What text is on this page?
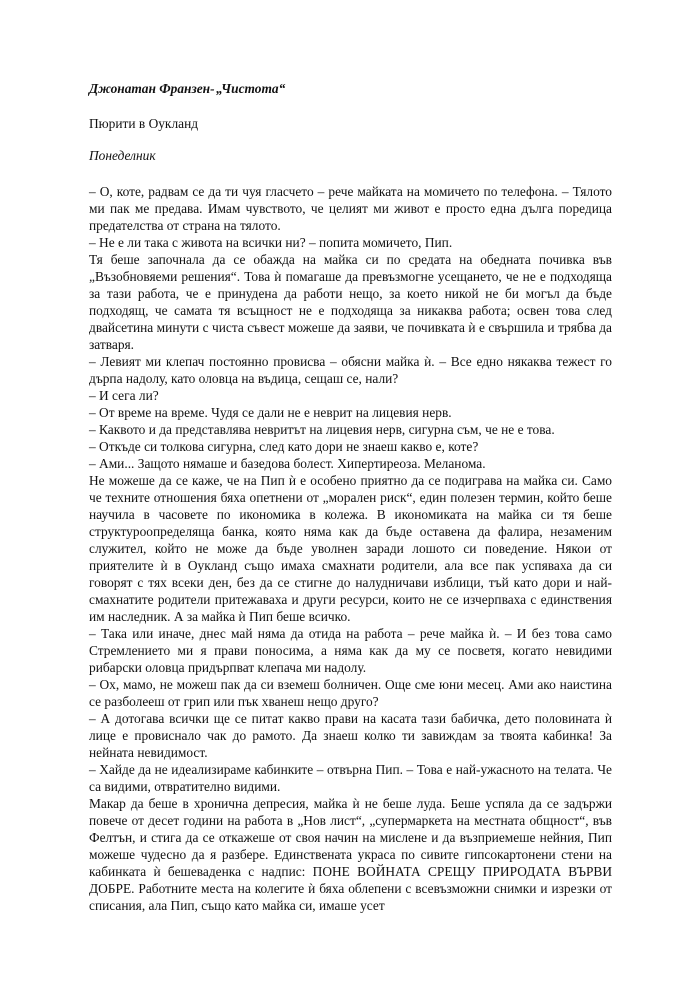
Джонатан Франзен-„Чистота“
Пюрити в Оукланд
Понеделник

– О, коте, радвам се да ти чуя гласчето – рече майката на момичето по телефона. – Тялото ми пак ме предава. Имам чувството, че целият ми живот е просто една дълга поредица предателства от страна на тялото.

– Не е ли така с живота на всички ни? – попита момичето, Пип.

Тя беше започнала да се обажда на майка си по средата на обедната почивка във „Възобновяеми решения“. Това ѝ помагаше да превъзмогне усещането, че не е подходяща за тази работа, че е принудена да работи нещо, за което никой не би могъл да бъде подходящ, че самата тя всъщност не е подходяща за никаква работа; освен това след двайсетина минути с чиста съвест можеше да заяви, че почивката ѝ е свършила и трябва да затваря.

– Левият ми клепач постоянно провисва – обясни майка ѝ. – Все едно някаква тежест го дърпа надолу, като оловца на въдица, сещаш се, нали?

– И сега ли?

– От време на време. Чудя се дали не е неврит на лицевия нерв.

– Каквото и да представлява невритът на лицевия нерв, сигурна съм, че не е това.

– Откъде си толкова сигурна, след като дори не знаеш какво е, коте?

– Ами... Защото нямаше и базедова болест. Хипертиреоза. Меланома.

Не можеше да се каже, че на Пип ѝ е особено приятно да се подиграва на майка си. Само че техните отношения бяха опетнени от „морален риск“, един полезен термин, който беше научила в часовете по икономика в колежа. В икономиката на майка си тя беше структуроопределяща банка, която няма как да бъде оставена да фалира, незаменим служител, който не може да бъде уволнен заради лошото си поведение. Някои от приятелите ѝ в Оукланд също имаха смахнати родители, ала все пак успяваха да си говорят с тях всеки ден, без да се стигне до налудничави изблици, тъй като дори и най-смахнатите родители притежаваха и други ресурси, които не се изчерпваха с единствения им наследник. А за майка ѝ Пип беше всичко.

– Така или иначе, днес май няма да отида на работа – рече майка ѝ. – И без това само Стремлението ми я прави поносима, а няма как да му се посветя, когато невидими рибарски оловца придърпват клепача ми надолу.

– Ох, мамо, не можеш пак да си вземеш болничен. Още сме юни месец. Ами ако наистина се разболееш от грип или пък хванеш нещо друго?

– А дотогава всички ще се питат какво прави на касата тази бабичка, дето половината ѝ лице е провиснало чак до рамото. Да знаеш колко ти завиждам за твоята кабинка! За нейната невидимост.

– Хайде да не идеализираме кабинките – отвърна Пип. – Това е най-ужасното на телата. Че са видими, отвратително видими.

Макар да беше в хронична депресия, майка ѝ не беше луда. Беше успяла да се задържи повече от десет години на работа в „Нов лист“, „супермаркета на местната общност“, във Фелтън, и стига да се откажеше от своя начин на мислене и да възприемеше нейния, Пип можеше чудесно да я разбере. Единствената украса по сивите гипсокартонени стени на кабинката ѝ бешеваденка с надпис: ПОНЕ ВОЙНАТА СРЕЩУ ПРИРОДАТА ВЪРВИ ДОБРЕ. Работните места на колегите ѝ бяха облепени с всевъзможни снимки и изрезки от списания, ала Пип, също като майка си, имаше усет
